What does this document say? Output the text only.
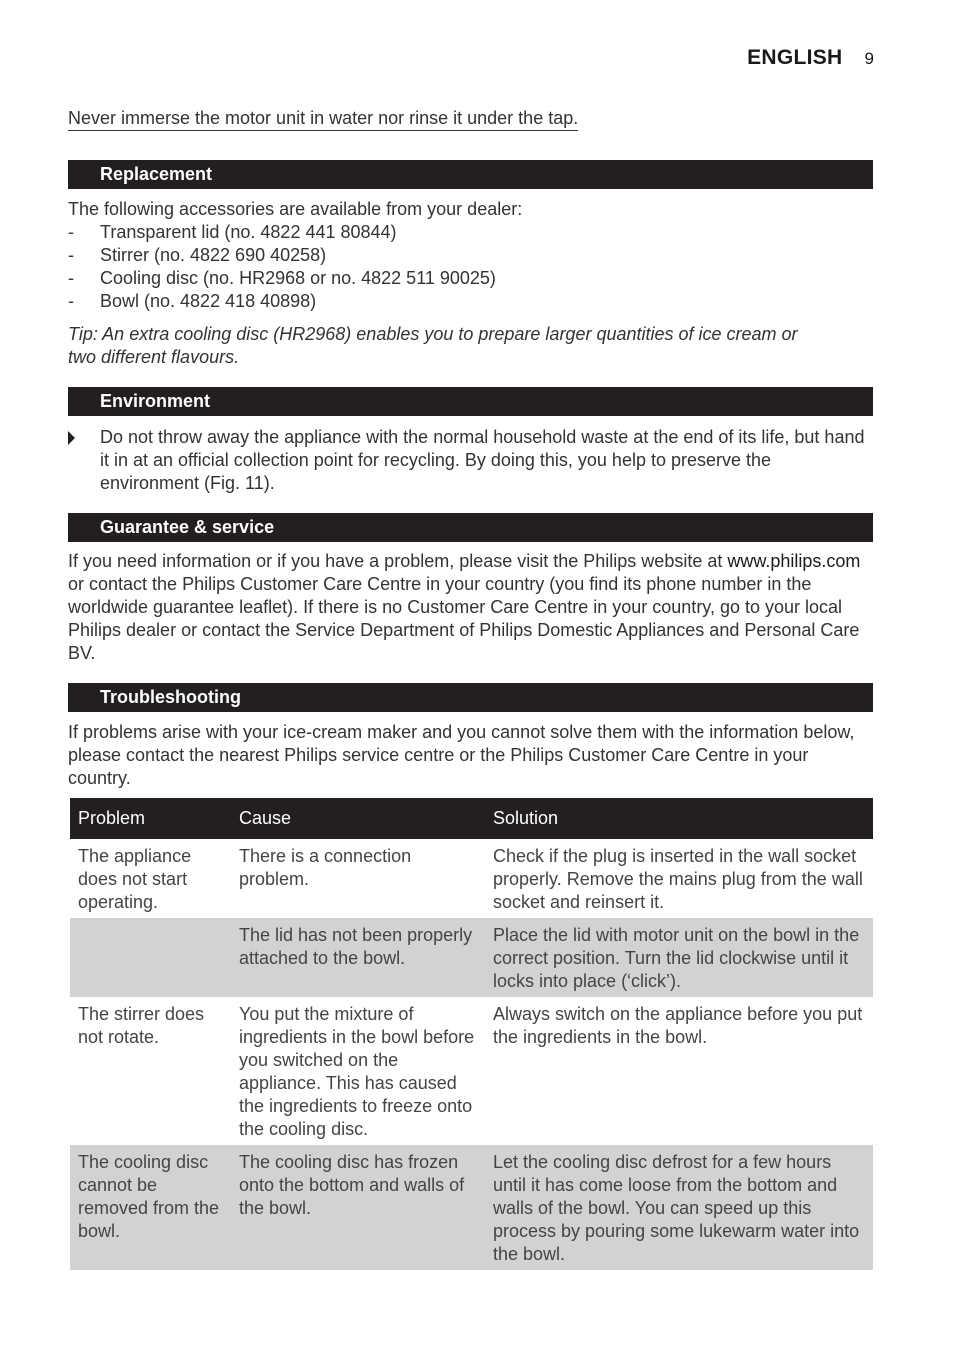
ENGLISH 9
Never immerse the motor unit in water nor rinse it under the tap.
Replacement
The following accessories are available from your dealer:
- Transparent lid (no. 4822 441 80844)
- Stirrer (no. 4822 690 40258)
- Cooling disc (no. HR2968 or no. 4822 511 90025)
- Bowl (no. 4822 418 40898)
Tip: An extra cooling disc (HR2968) enables you to prepare larger quantities of ice cream or two different flavours.
Environment
Do not throw away the appliance with the normal household waste at the end of its life, but hand it in at an official collection point for recycling. By doing this, you help to preserve the environment (Fig. 11).
Guarantee & service
If you need information or if you have a problem, please visit the Philips website at www.philips.com or contact the Philips Customer Care Centre in your country (you find its phone number in the worldwide guarantee leaflet). If there is no Customer Care Centre in your country, go to your local Philips dealer or contact the Service Department of Philips Domestic Appliances and Personal Care BV.
Troubleshooting
If problems arise with your ice-cream maker and you cannot solve them with the information below, please contact the nearest Philips service centre or the Philips Customer Care Centre in your country.
Problem	Cause	Solution
The appliance does not start operating.	There is a connection problem.	Check if the plug is inserted in the wall socket properly. Remove the mains plug from the wall socket and reinsert it.
	The lid has not been properly attached to the bowl.	Place the lid with motor unit on the bowl in the correct position. Turn the lid clockwise until it locks into place (‘click’).
The stirrer does not rotate.	You put the mixture of ingredients in the bowl before you switched on the appliance. This has caused the ingredients to freeze onto the cooling disc.	Always switch on the appliance before you put the ingredients in the bowl.
The cooling disc cannot be removed from the bowl.	The cooling disc has frozen onto the bottom and walls of the bowl.	Let the cooling disc defrost for a few hours until it has come loose from the bottom and walls of the bowl. You can speed up this process by pouring some lukewarm water into the bowl.
